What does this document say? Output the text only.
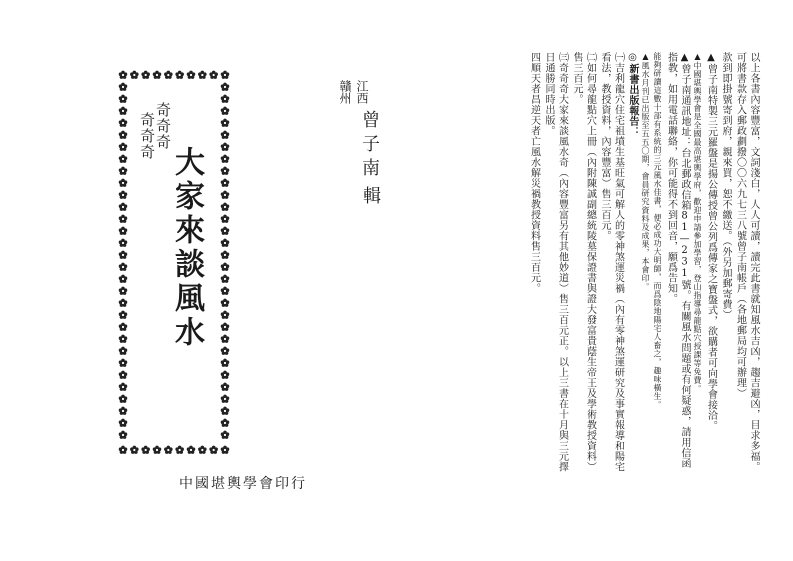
奇奇奇
奇奇奇
大家來談風水
江西
贛州
曾子南
輯
中國堪輿學會印行

以上各書內容豐富，文詞淺白，人人可讀，讀完此書就知風水吉凶，趨吉避凶，目求多福。可將書款存入郵政劃撥〇〇六九七三八號曾子南帳戶（各地郵局均可辦理）

款到即掛號寄到府，親來買，恕不繳送。（外另加郵寄費）

▲曾子南特製三元羅盤是揚公傳授曾公列爲傳家之寶盤式，欲購者可向學會接洽。

▲中國堪輿學會是全國最高堪輿學府，歡迎申請參加學習，登山指導尋龍點穴授課等免費。

▲曾子南通訊地址：台北郵政信箱81—231號。有關風水問題或有何疑惑，請用信函指教，如用電話聯絡，你可能得不到回音，願爲告知。

能夠研讀這數十部有系統的三元風水佳書，便必成功大明師，而爲陰地陽宅人畜之，趣味橫生。

▲風水月刊已出版至五五〇期，會員研究資料及成果，本會印。

◎新書出版報告：

㈠吉利龍穴住宅祖墳生基旺氣可解人的零神煞運災禍（內有零神煞運研究及事實報導和陽宅看法，教授資料，內容豐富）售三百元。

㈡如何尋龍點穴上冊（內附陳誠副總統陵墓保證書與證大發富貴蔭生帝王及學術教授資料）售三百元。

㈢奇奇奇大家來談風水奇（內容豐富另有其他妙道）售三百元正。以上三書在十月與三元擇日通勝同時出版。

四順天者昌逆天者亡風水解災禍教授資料售三百元。
